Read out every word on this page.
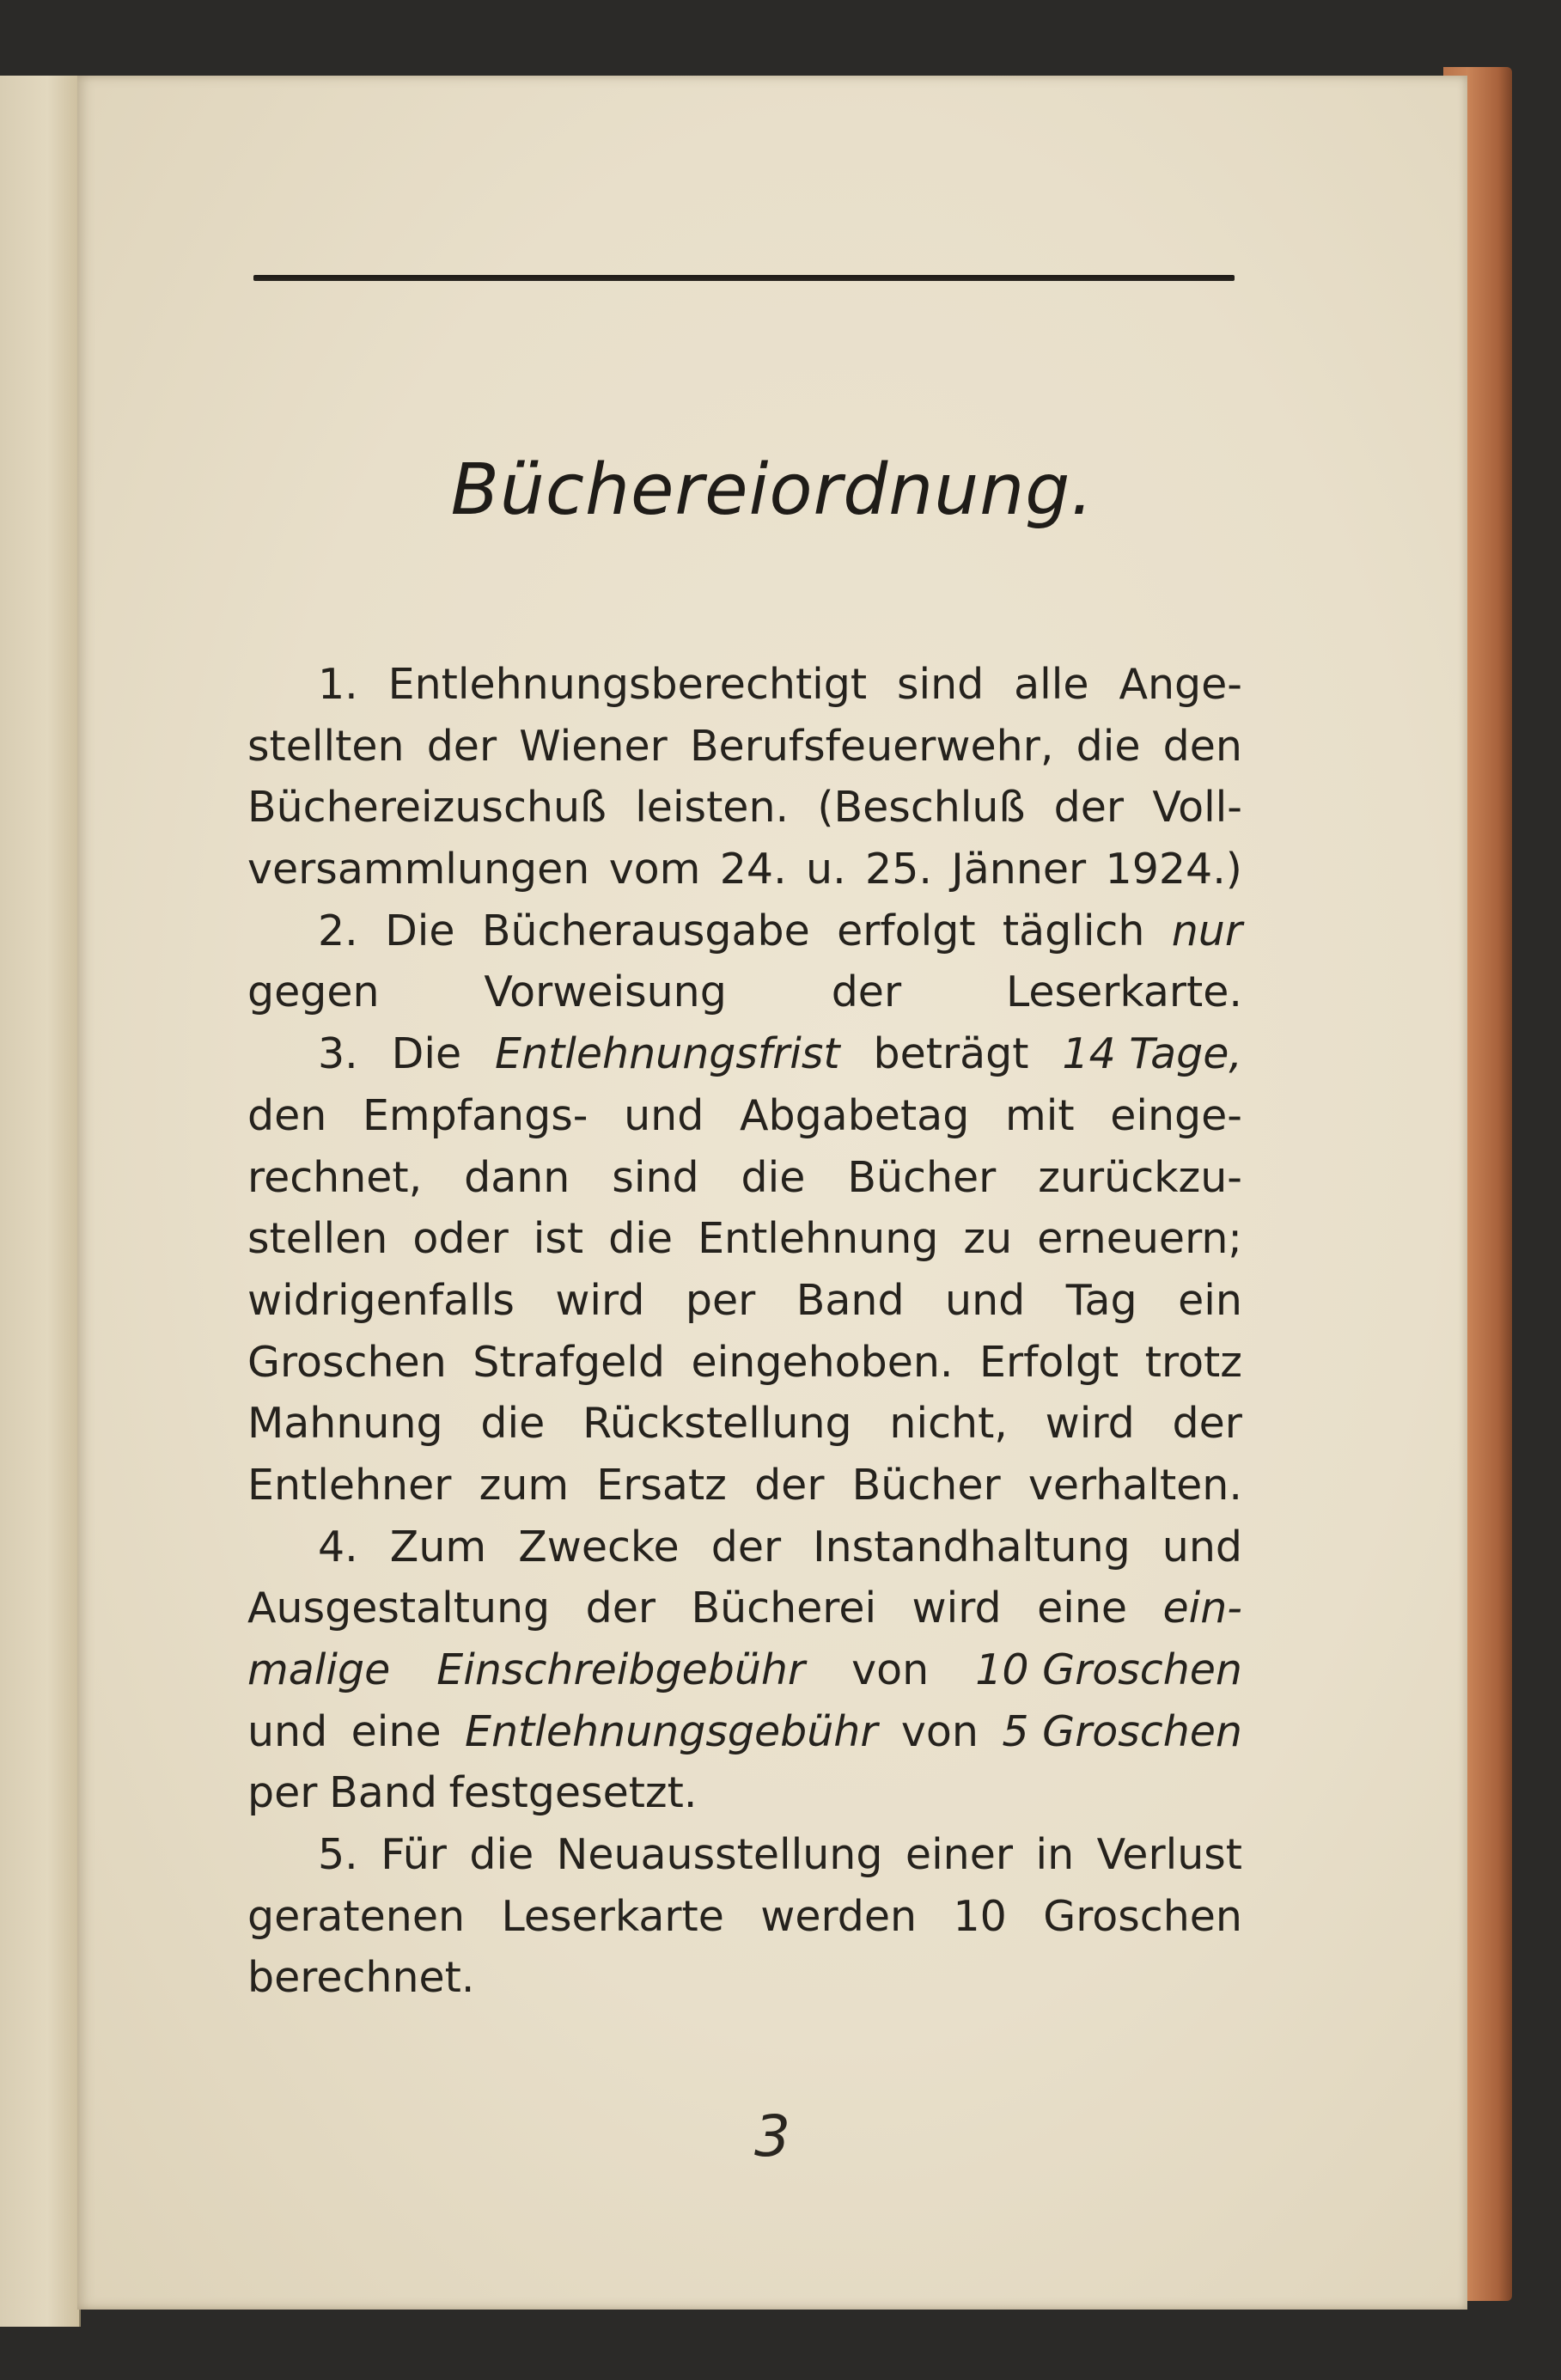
Büchereiordnung.
1. Entlehnungsberechtigt sind alle Ange-
stellten der Wiener Berufsfeuerwehr, die den
Büchereizuschuß leisten. (Beschluß der Voll-
versammlungen vom 24. u. 25. Jänner 1924.)
2. Die Bücherausgabe erfolgt täglich nur
gegen Vorweisung der Leserkarte.
3. Die Entlehnungsfrist beträgt 14 Tage,
den Empfangs- und Abgabetag mit einge-
rechnet, dann sind die Bücher zurückzu-
stellen oder ist die Entlehnung zu erneuern;
widrigenfalls wird per Band und Tag ein
Groschen Strafgeld eingehoben. Erfolgt trotz
Mahnung die Rückstellung nicht, wird der
Entlehner zum Ersatz der Bücher verhalten.
4. Zum Zwecke der Instandhaltung und
Ausgestaltung der Bücherei wird eine ein-
malige Einschreibgebühr von 10 Groschen
und eine Entlehnungsgebühr von 5 Groschen
per Band festgesetzt.
5. Für die Neuausstellung einer in Verlust
geratenen Leserkarte werden 10 Groschen
berechnet.
3
